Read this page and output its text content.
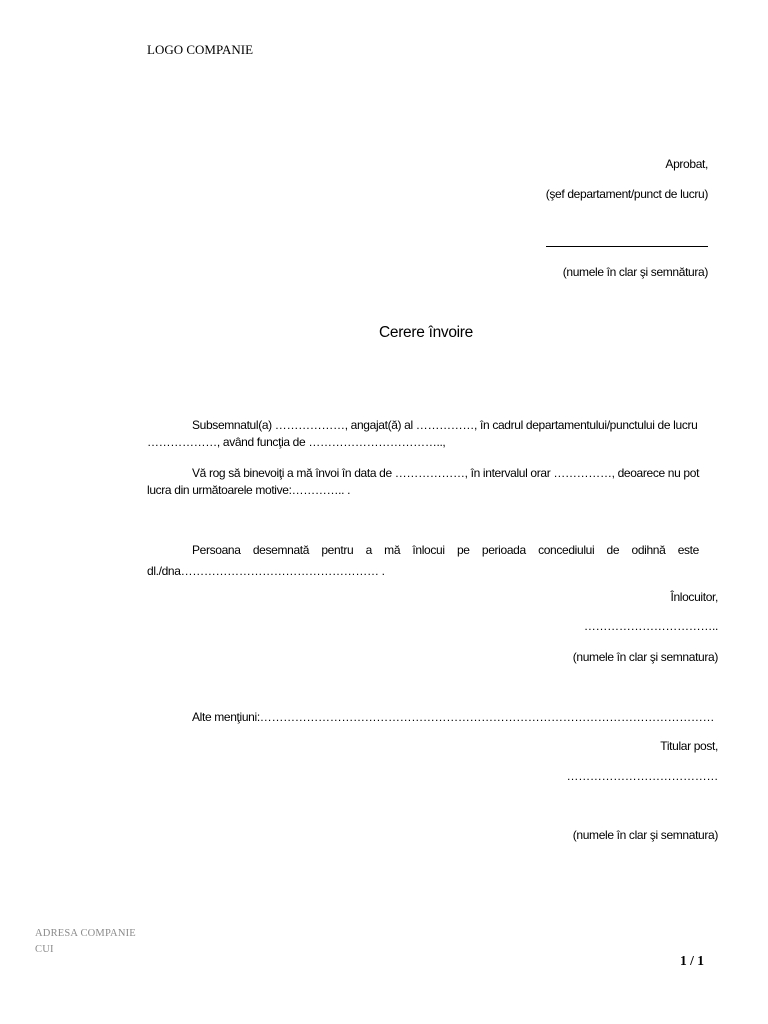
LOGO COMPANIE
Aprobat,
(şef departament/punct de lucru)
(numele în clar şi semnătura)
Cerere învoire
Subsemnatul(a) ………………, angajat(ă) al ……………, în cadrul departamentului/punctului de lucru
………………, având funcţia de ……………………………..,
Vă rog să binevoiţi a mă învoi în data de ………………, în intervalul orar ……………, deoarece nu pot
lucra din următoarele motive:………….. .
Persoana desemnată pentru a mă înlocui pe perioada concediului de odihnă este
dl./dna…………………………………………… .
Înlocuitor,
……………………………..
(numele în clar şi semnatura)
Alte menţiuni:………………………………………………………………………………………………………
Titular post,
…………………………………
(numele în clar şi semnatura)
ADRESA COMPANIE
CUI
1 / 1
